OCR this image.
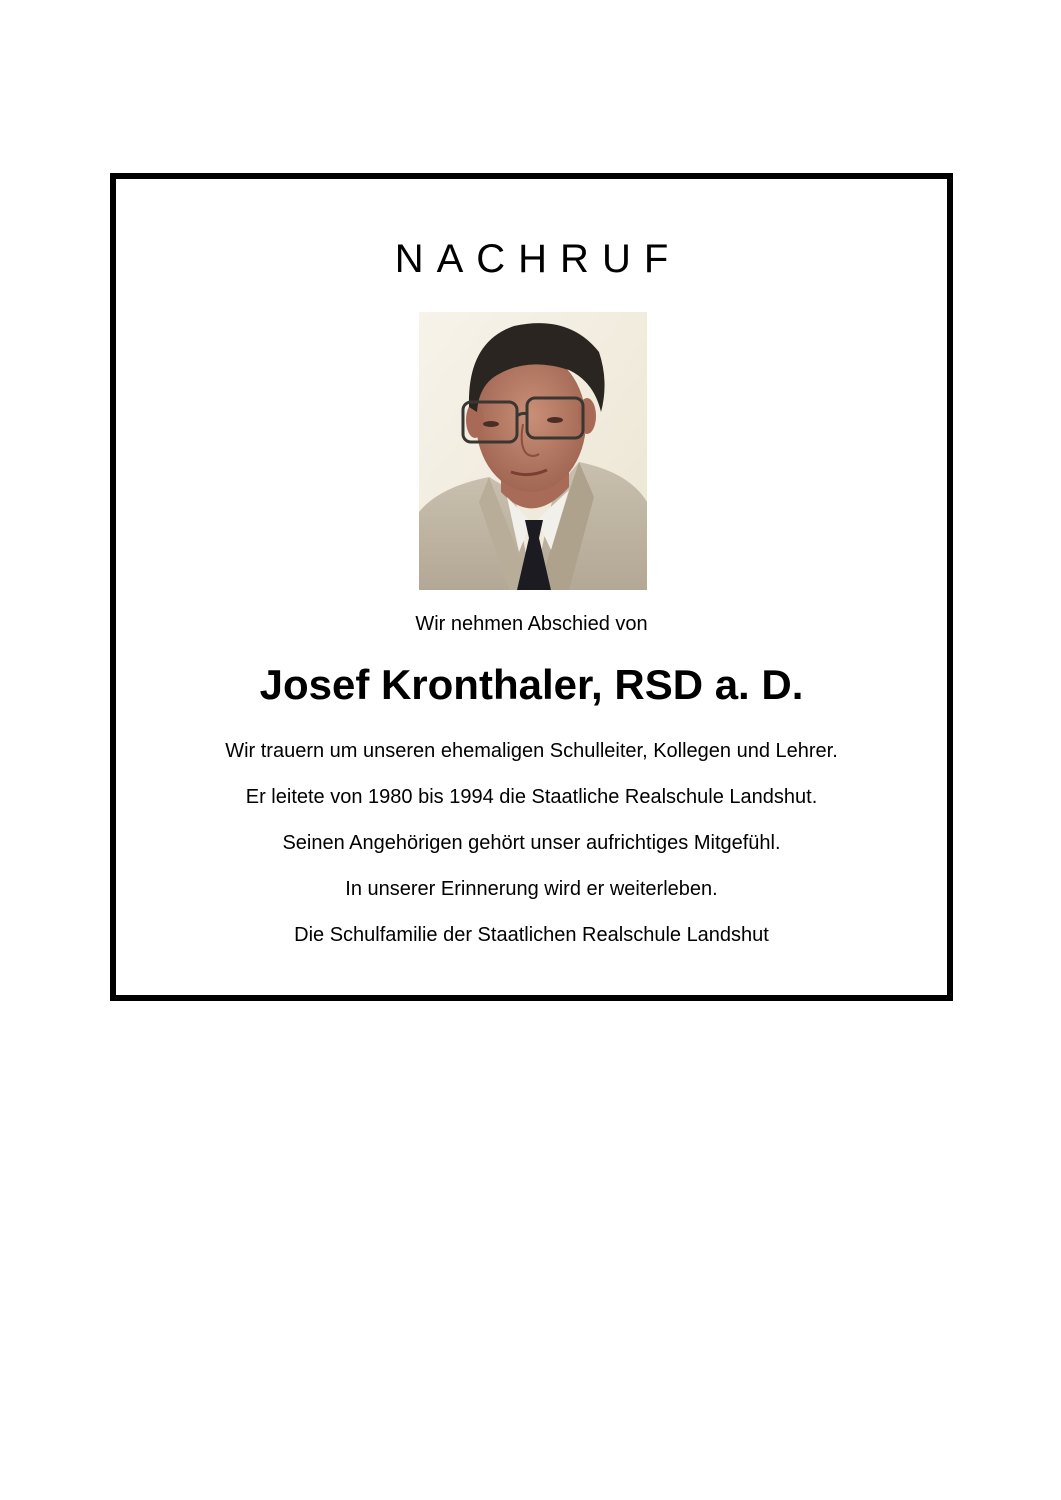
NACHRUF
Wir nehmen Abschied von
Josef Kronthaler, RSD a. D.
Wir trauern um unseren ehemaligen Schulleiter, Kollegen und Lehrer.
Er leitete von 1980 bis 1994 die Staatliche Realschule Landshut.
Seinen Angehörigen gehört unser aufrichtiges Mitgefühl.
In unserer Erinnerung wird er weiterleben.
Die Schulfamilie der Staatlichen Realschule Landshut
